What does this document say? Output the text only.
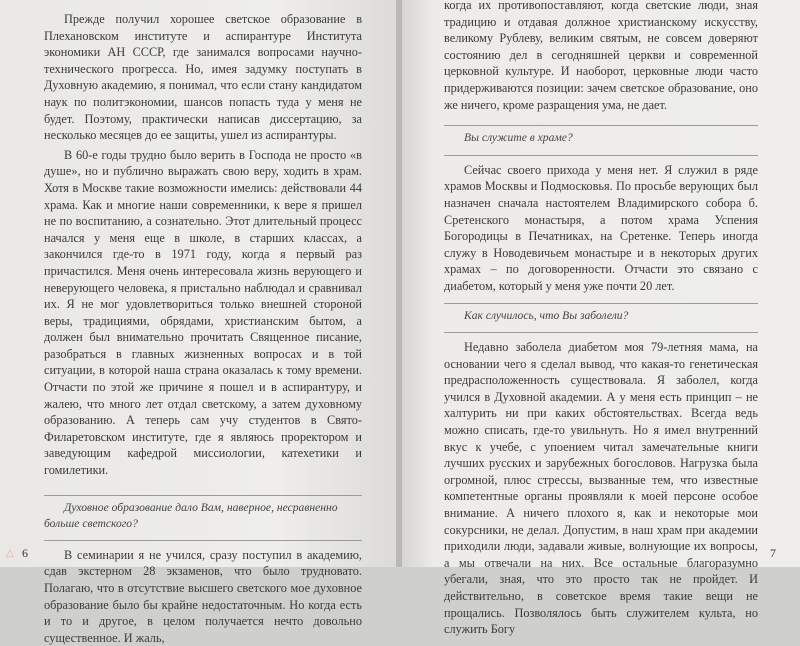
Прежде получил хорошее светское образование в Плехановском институте и аспирантуре Института экономики АН СССР, где занимался вопросами научно-технического прогресса. Но, имея задумку поступать в Духовную академию, я понимал, что если стану кандидатом наук по политэкономии, шансов попасть туда у меня не будет. Поэтому, практически написав диссертацию, за несколько месяцев до ее защиты, ушел из аспирантуры.

В 60-е годы трудно было верить в Господа не просто «в душе», но и публично выражать свою веру, ходить в храм. Хотя в Москве такие возможности имелись: действовали 44 храма. Как и многие наши современники, к вере я пришел не по воспитанию, а сознательно. Этот длительный процесс начался у меня еще в школе, в старших классах, а закончился где-то в 1971 году, когда я первый раз причастился. Меня очень интересовала жизнь верующего и неверующего человека, я пристально наблюдал и сравнивал их. Я не мог удовлетвориться только внешней стороной веры, традициями, обрядами, христианским бытом, а должен был внимательно прочитать Священное писание, разобраться в главных жизненных вопросах и в той ситуации, в которой наша страна оказалась к тому времени. Отчасти по этой же причине я пошел и в аспирантуру, и жалею, что много лет отдал светскому, а затем духовному образованию. А теперь сам учу студентов в Свято-Филаретовском институте, где я являюсь проректором и заведующим кафедрой миссиологии, катехетики и гомилетики.

Духовное образование дало Вам, наверное, несравненно больше светского?

В семинарии я не учился, сразу поступил в академию, сдав экстерном 28 экзаменов, что было трудновато. Полагаю, что в отсутствие высшего светского мое духовное образование было бы крайне недостаточным. Но когда есть и то и другое, в целом получается нечто довольно существенное. И жаль,

△ 6

когда их противопоставляют, когда светские люди, зная традицию и отдавая должное христианскому искусству, великому Рублеву, великим святым, не совсем доверяют состоянию дел в сегодняшней церкви и современной церковной культуре. И наоборот, церковные люди часто придерживаются позиции: зачем светское образование, оно же ничего, кроме разращения ума, не дает.

Вы служите в храме?

Сейчас своего прихода у меня нет. Я служил в ряде храмов Москвы и Подмосковья. По просьбе верующих был назначен сначала настоятелем Владимирского собора б. Сретенского монастыря, а потом храма Успения Богородицы в Печатниках, на Сретенке. Теперь иногда служу в Новодевичьем монастыре и в некоторых других храмах – по договоренности. Отчасти это связано с диабетом, который у меня уже почти 20 лет.

Как случилось, что Вы заболели?

Недавно заболела диабетом моя 79-летняя мама, на основании чего я сделал вывод, что какая-то генетическая предрасположенность существовала. Я заболел, когда учился в Духовной академии. А у меня есть принцип – не халтурить ни при каких обстоятельствах. Всегда ведь можно списать, где-то увильнуть. Но я имел внутренний вкус к учебе, с упоением читал замечательные книги лучших русских и зарубежных богословов. Нагрузка была огромной, плюс стрессы, вызванные тем, что известные компетентные органы проявляли к моей персоне особое внимание. А ничего плохого я, как и некоторые мои сокурсники, не делал. Допустим, в наш храм при академии приходили люди, задавали живые, волнующие их вопросы, а мы отвечали на них. Все остальные благоразумно убегали, зная, что это просто так не пройдет. И действительно, в советское время такие вещи не прощались. Позволялось быть служителем культа, но служить Богу

7
